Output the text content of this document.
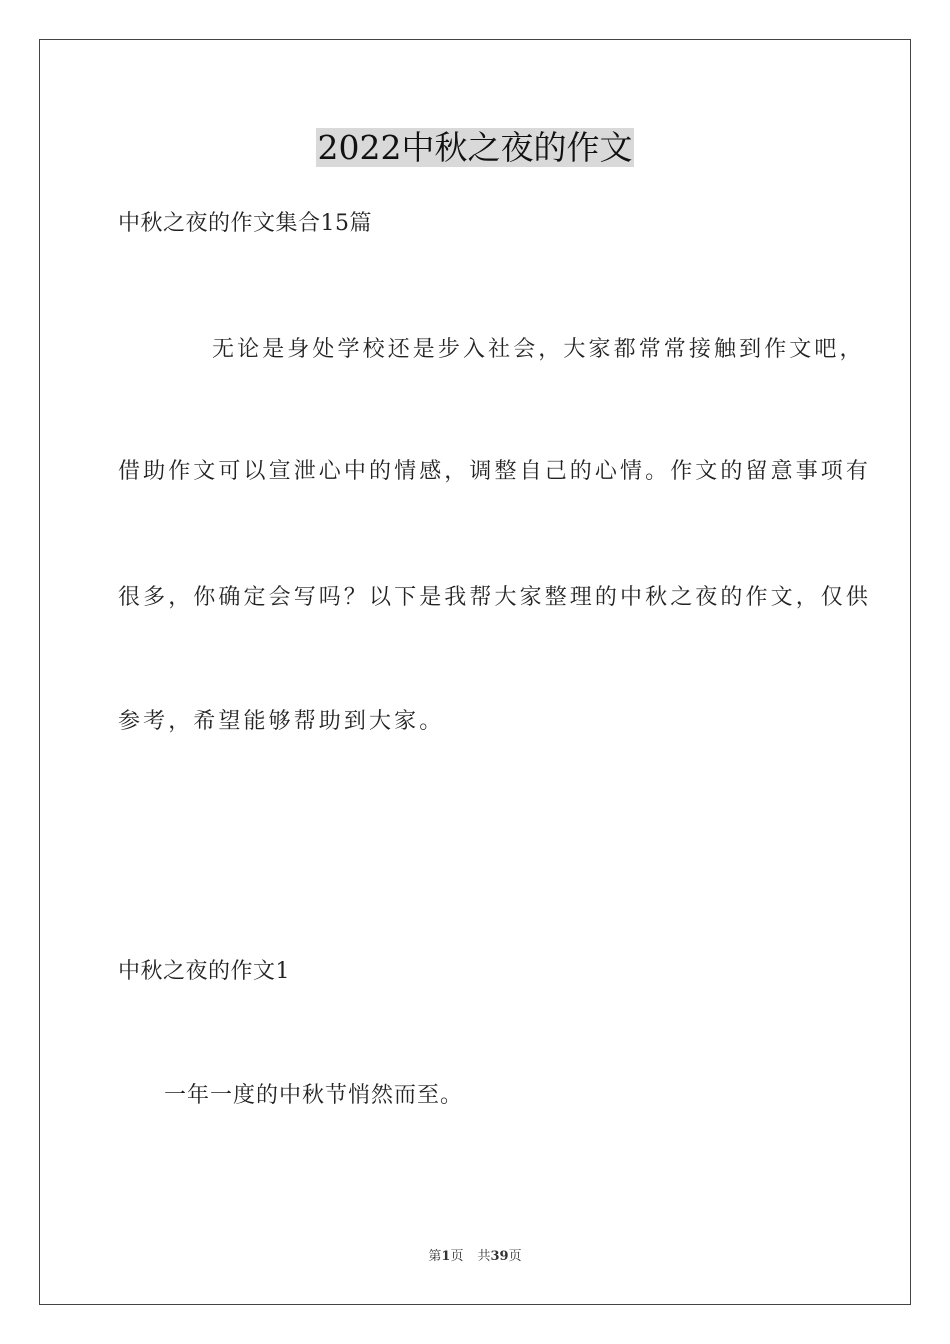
2022中秋之夜的作文
中秋之夜的作文集合15篇
无论是身处学校还是步入社会，大家都常常接触到作文吧，
借助作文可以宣泄心中的情感，调整自己的心情。作文的留意事项有
很多，你确定会写吗？以下是我帮大家整理的中秋之夜的作文，仅供
参考，希望能够帮助到大家。
中秋之夜的作文1
一年一度的中秋节悄然而至。
第1页 共39页
